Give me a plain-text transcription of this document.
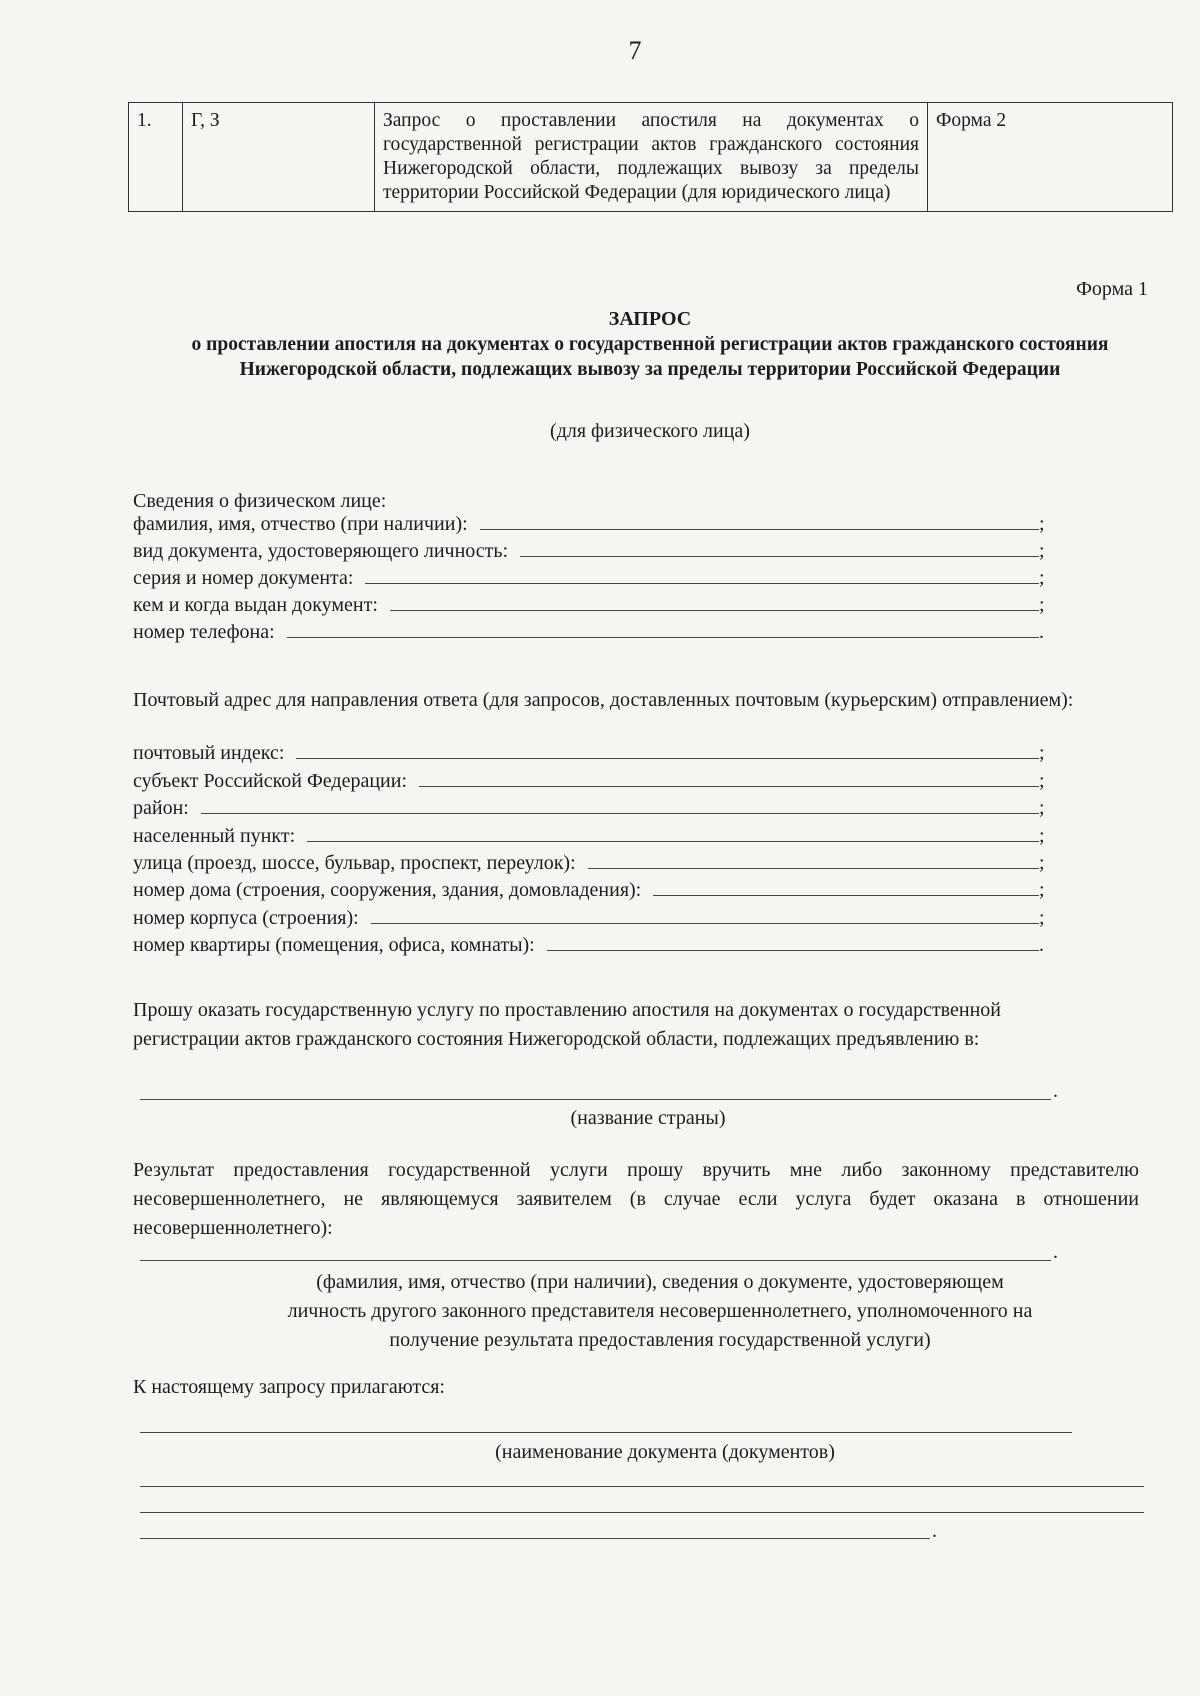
7
1.	Г, З	Запрос о проставлении апостиля на документах о государственной регистрации актов гражданского состояния Нижегородской области, подлежащих вывозу за пределы территории Российской Федерации (для юридического лица)	Форма 2
Форма 1
ЗАПРОС
о проставлении апостиля на документах о государственной регистрации актов гражданского состояния Нижегородской области, подлежащих вывозу за пределы территории Российской Федерации
(для физического лица)
Сведения о физическом лице:
фамилия, имя, отчество (при наличии):	;
вид документа, удостоверяющего личность:	;
серия и номер документа:	;
кем и когда выдан документ:	;
номер телефона:	.
Почтовый адрес для направления ответа (для запросов, доставленных почтовым (курьерским) отправлением):
почтовый индекс:	;
субъект Российской Федерации:	;
район:	;
населенный пункт:	;
улица (проезд, шоссе, бульвар, проспект, переулок):	;
номер дома (строения, сооружения, здания, домовладения):	;
номер корпуса (строения):	;
номер квартиры (помещения, офиса, комнаты):	.
Прошу оказать государственную услугу по проставлению апостиля на документах о государственной регистрации актов гражданского состояния Нижегородской области, подлежащих предъявлению в:
.
(название страны)
Результат предоставления государственной услуги прошу вручить мне либо законному представителю несовершеннолетнего, не являющемуся заявителем (в случае если услуга будет оказана в отношении несовершеннолетнего):
.
(фамилия, имя, отчество (при наличии), сведения о документе, удостоверяющем личность другого законного представителя несовершеннолетнего, уполномоченного на получение результата предоставления государственной услуги)
К настоящему запросу прилагаются:
(наименование документа (документов)
.
